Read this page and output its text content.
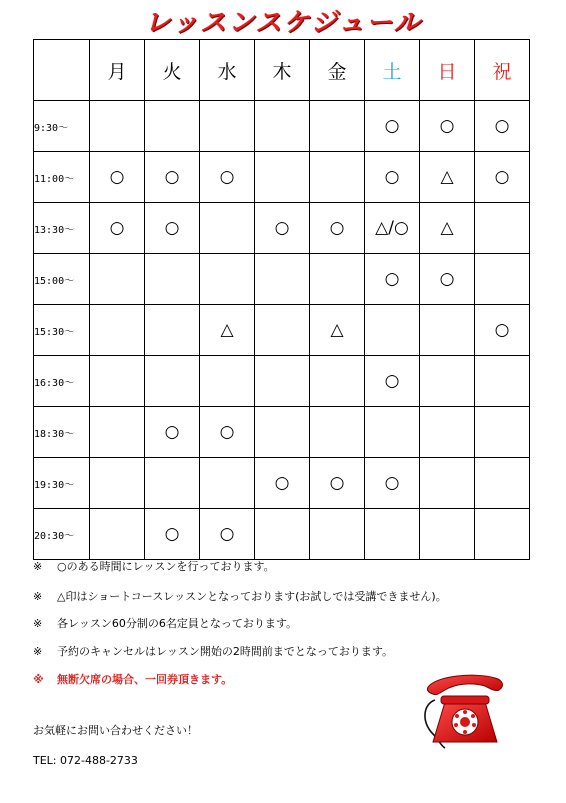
レッスンスケジュール
	月	火	水	木	金	土	日	祝
9:30～						○	○	○
11:00～	○	○	○			○	△	○
13:30～	○	○		○	○	△/○	△	
15:00～						○	○	
15:30～			△		△			○
16:30～						○		
18:30～		○	○					
19:30～				○	○	○		
20:30～		○	○					
※ ○のある時間にレッスンを行っております。
※ △印はショートコースレッスンとなっております(お試しでは受講できません)。
※ 各レッスン60分制の6名定員となっております。
※ 予約のキャンセルはレッスン開始の2時間前までとなっております。
※ 無断欠席の場合、一回券頂きます。
お気軽にお問い合わせください！
TEL: 072-488-2733
